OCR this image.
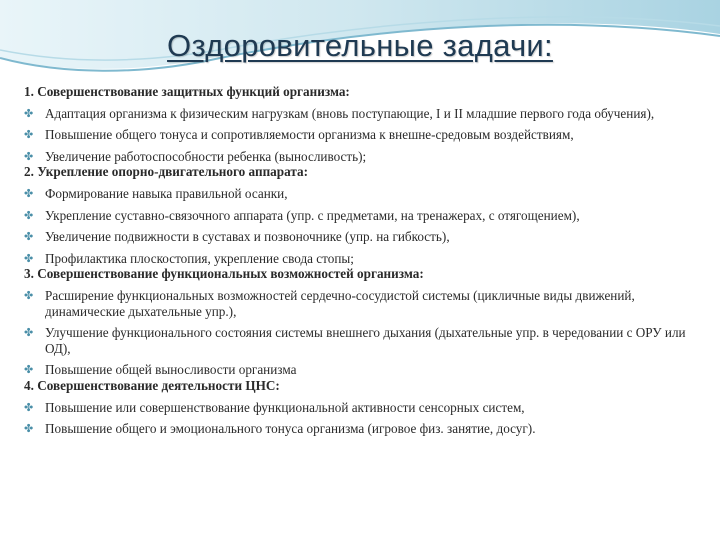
Оздоровительные задачи:
1. Совершенствование защитных функций организма:
✤ Адаптация организма к физическим нагрузкам (вновь поступающие, I и II младшие первого года обучения),
✤ Повышение общего тонуса и сопротивляемости организма к внешне-средовым воздействиям,
✤ Увеличение работоспособности ребенка (выносливость);
2. Укрепление опорно-двигательного аппарата:
✤ Формирование навыка правильной осанки,
✤ Укрепление суставно-связочного аппарата (упр. с предметами, на тренажерах, с отягощением),
✤ Увеличение подвижности в суставах и позвоночнике (упр. на гибкость),
✤ Профилактика плоскостопия, укрепление свода стопы;
3. Совершенствование функциональных возможностей организма:
✤ Расширение функциональных возможностей сердечно-сосудистой системы (цикличные виды движений, динамические дыхательные упр.),
✤ Улучшение функционального состояния системы внешнего дыхания (дыхательные упр. в чередовании с ОРУ или ОД),
✤ Повышение общей выносливости организма
4. Совершенствование деятельности ЦНС:
✤ Повышение или совершенствование функциональной активности сенсорных систем,
✤ Повышение общего и эмоционального тонуса организма (игровое физ. занятие, досуг).
